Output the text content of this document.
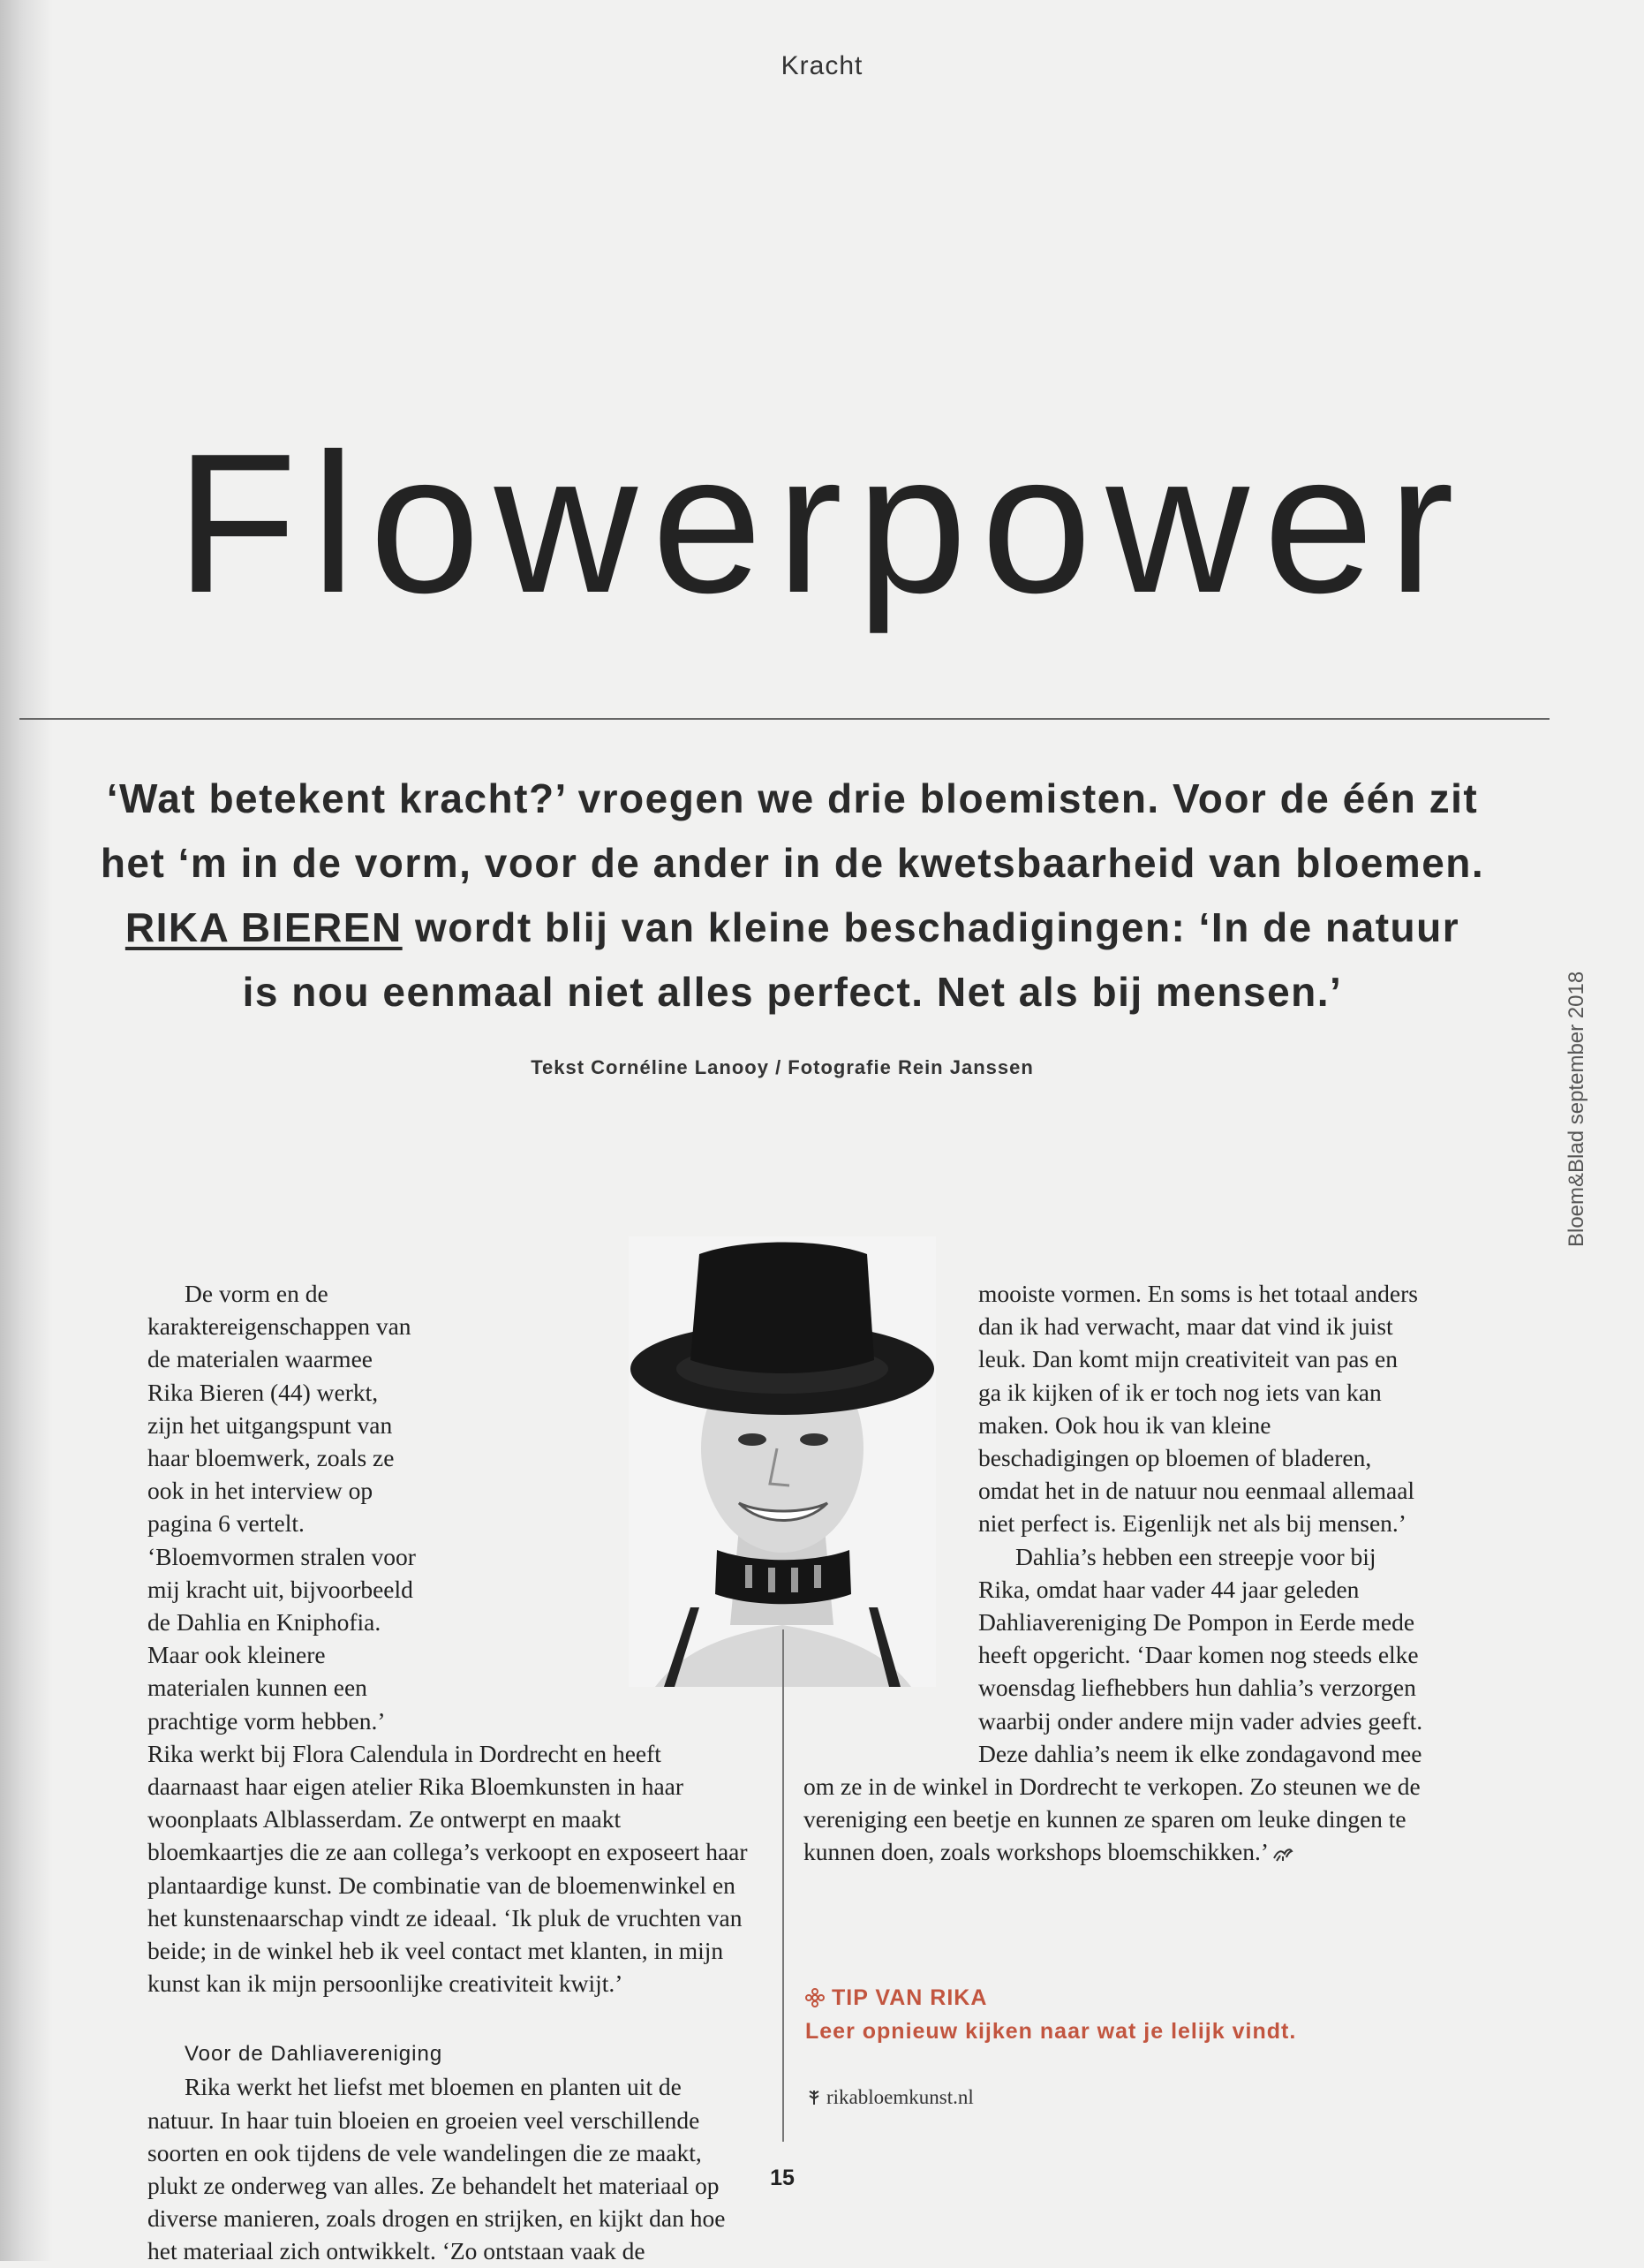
Kracht
Flowerpower

‘Wat betekent kracht?’ vroegen we drie bloemisten. Voor de één zit
het ‘m in de vorm, voor de ander in de kwetsbaarheid van bloemen.
RIKA BIEREN wordt blij van kleine beschadigingen: ‘In de natuur
is nou eenmaal niet alles perfect. Net als bij mensen.’

Tekst Cornéline Lanooy / Fotografie Rein Janssen	Bloem&Blad september 2018

De vorm en de karaktereigenschappen van de materialen waarmee Rika Bieren (44) werkt, zijn het uitgangspunt van haar bloemwerk, zoals ze ook in het interview op pagina 6 vertelt. ‘Bloemvormen stralen voor mij kracht uit, bijvoorbeeld de Dahlia en Kniphofia. Maar ook kleinere materialen kunnen een prachtige vorm hebben.’ Rika werkt bij Flora Calendula in Dordrecht en heeft daarnaast haar eigen atelier Rika Bloemkunsten in haar woonplaats Alblasserdam. Ze ontwerpt en maakt bloemkaartjes die ze aan collega’s verkoopt en exposeert haar plantaardige kunst. De combinatie van de bloemenwinkel en het kunstenaarschap vindt ze ideaal. ‘Ik pluk de vruchten van beide; in de winkel heb ik veel contact met klanten, in mijn kunst kan ik mijn persoonlijke creativiteit kwijt.’

Voor de Dahliavereniging

Rika werkt het liefst met bloemen en planten uit de natuur. In haar tuin bloeien en groeien veel verschillende soorten en ook tijdens de vele wandelingen die ze maakt, plukt ze onderweg van alles. Ze behandelt het materiaal op diverse manieren, zoals drogen en strijken, en kijkt dan hoe het materiaal zich ontwikkelt. ‘Zo ontstaan vaak de

mooiste vormen. En soms is het totaal anders dan ik had verwacht, maar dat vind ik juist leuk. Dan komt mijn creativiteit van pas en ga ik kijken of ik er toch nog iets van kan maken. Ook hou ik van kleine beschadigingen op bloemen of bladeren, omdat het in de natuur nou eenmaal allemaal niet perfect is. Eigenlijk net als bij mensen.’

Dahlia’s hebben een streepje voor bij Rika, omdat haar vader 44 jaar geleden Dahliavereniging De Pompon in Eerde mede heeft opgericht. ‘Daar komen nog steeds elke woensdag liefhebbers hun dahlia’s verzorgen waarbij onder andere mijn vader advies geeft. Deze dahlia’s neem ik elke zondagavond mee om ze in de winkel in Dordrecht te verkopen. Zo steunen we de vereniging een beetje en kunnen ze sparen om leuke dingen te kunnen doen, zoals workshops bloemschikken.’

TIP VAN RIKA
Leer opnieuw kijken naar wat je lelijk vindt.
rikabloemkunst.nl
15
